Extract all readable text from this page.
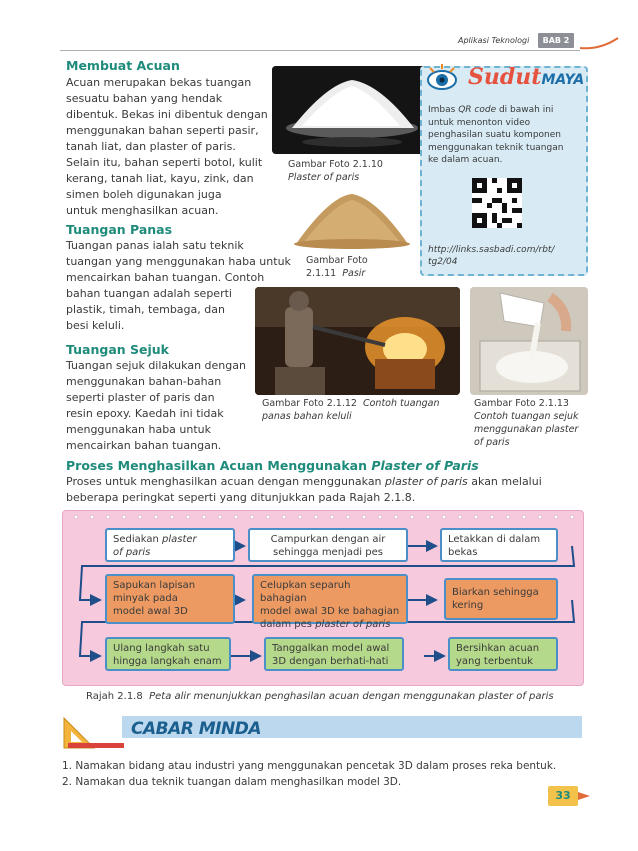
Aplikasi Teknologi	BAB 2
Membuat Acuan
Acuan merupakan bekas tuangan
sesuatu bahan yang hendak
dibentuk. Bekas ini dibentuk dengan
menggunakan bahan seperti pasir,
tanah liat, dan plaster of paris.
Selain itu, bahan seperti botol, kulit
kerang, tanah liat, kayu, zink, dan
simen boleh digunakan juga
untuk menghasilkan acuan.
Gambar Foto 2.1.10
Plaster of paris
Gambar Foto
2.1.11 Pasir
SudutMAYA
Imbas QR code di bawah ini
untuk menonton video
penghasilan suatu komponen
menggunakan teknik tuangan
ke dalam acuan.
http://links.sasbadi.com/rbt/
tg2/04
Tuangan Panas
Tuangan panas ialah satu teknik
tuangan yang menggunakan haba untuk
mencairkan bahan tuangan. Contoh
bahan tuangan adalah seperti
plastik, timah, tembaga, dan
besi keluli.
Gambar Foto 2.1.12 Contoh tuangan
panas bahan keluli
Gambar Foto 2.1.13
Contoh tuangan sejuk
menggunakan plaster
of paris
Tuangan Sejuk
Tuangan sejuk dilakukan dengan
menggunakan bahan-bahan
seperti plaster of paris dan
resin epoxy. Kaedah ini tidak
menggunakan haba untuk
mencairkan bahan tuangan.
Proses Menghasilkan Acuan Menggunakan Plaster of Paris
Proses untuk menghasilkan acuan dengan menggunakan plaster of paris akan melalui
beberapa peringkat seperti yang ditunjukkan pada Rajah 2.1.8.
Sediakan plaster
of paris
Campurkan dengan air
sehingga menjadi pes
Letakkan di dalam
bekas
Sapukan lapisan
minyak pada
model awal 3D
Celupkan separuh bahagian
model awal 3D ke bahagian
dalam pes plaster of paris
Biarkan sehingga
kering
Ulang langkah satu
hingga langkah enam
Tanggalkan model awal
3D dengan berhati-hati
Bersihkan acuan
yang terbentuk
Rajah 2.1.8 Peta alir menunjukkan penghasilan acuan dengan menggunakan plaster of paris
CABAR MINDA
1. Namakan bidang atau industri yang menggunakan pencetak 3D dalam proses reka bentuk.
2. Namakan dua teknik tuangan dalam menghasilkan model 3D.
33
